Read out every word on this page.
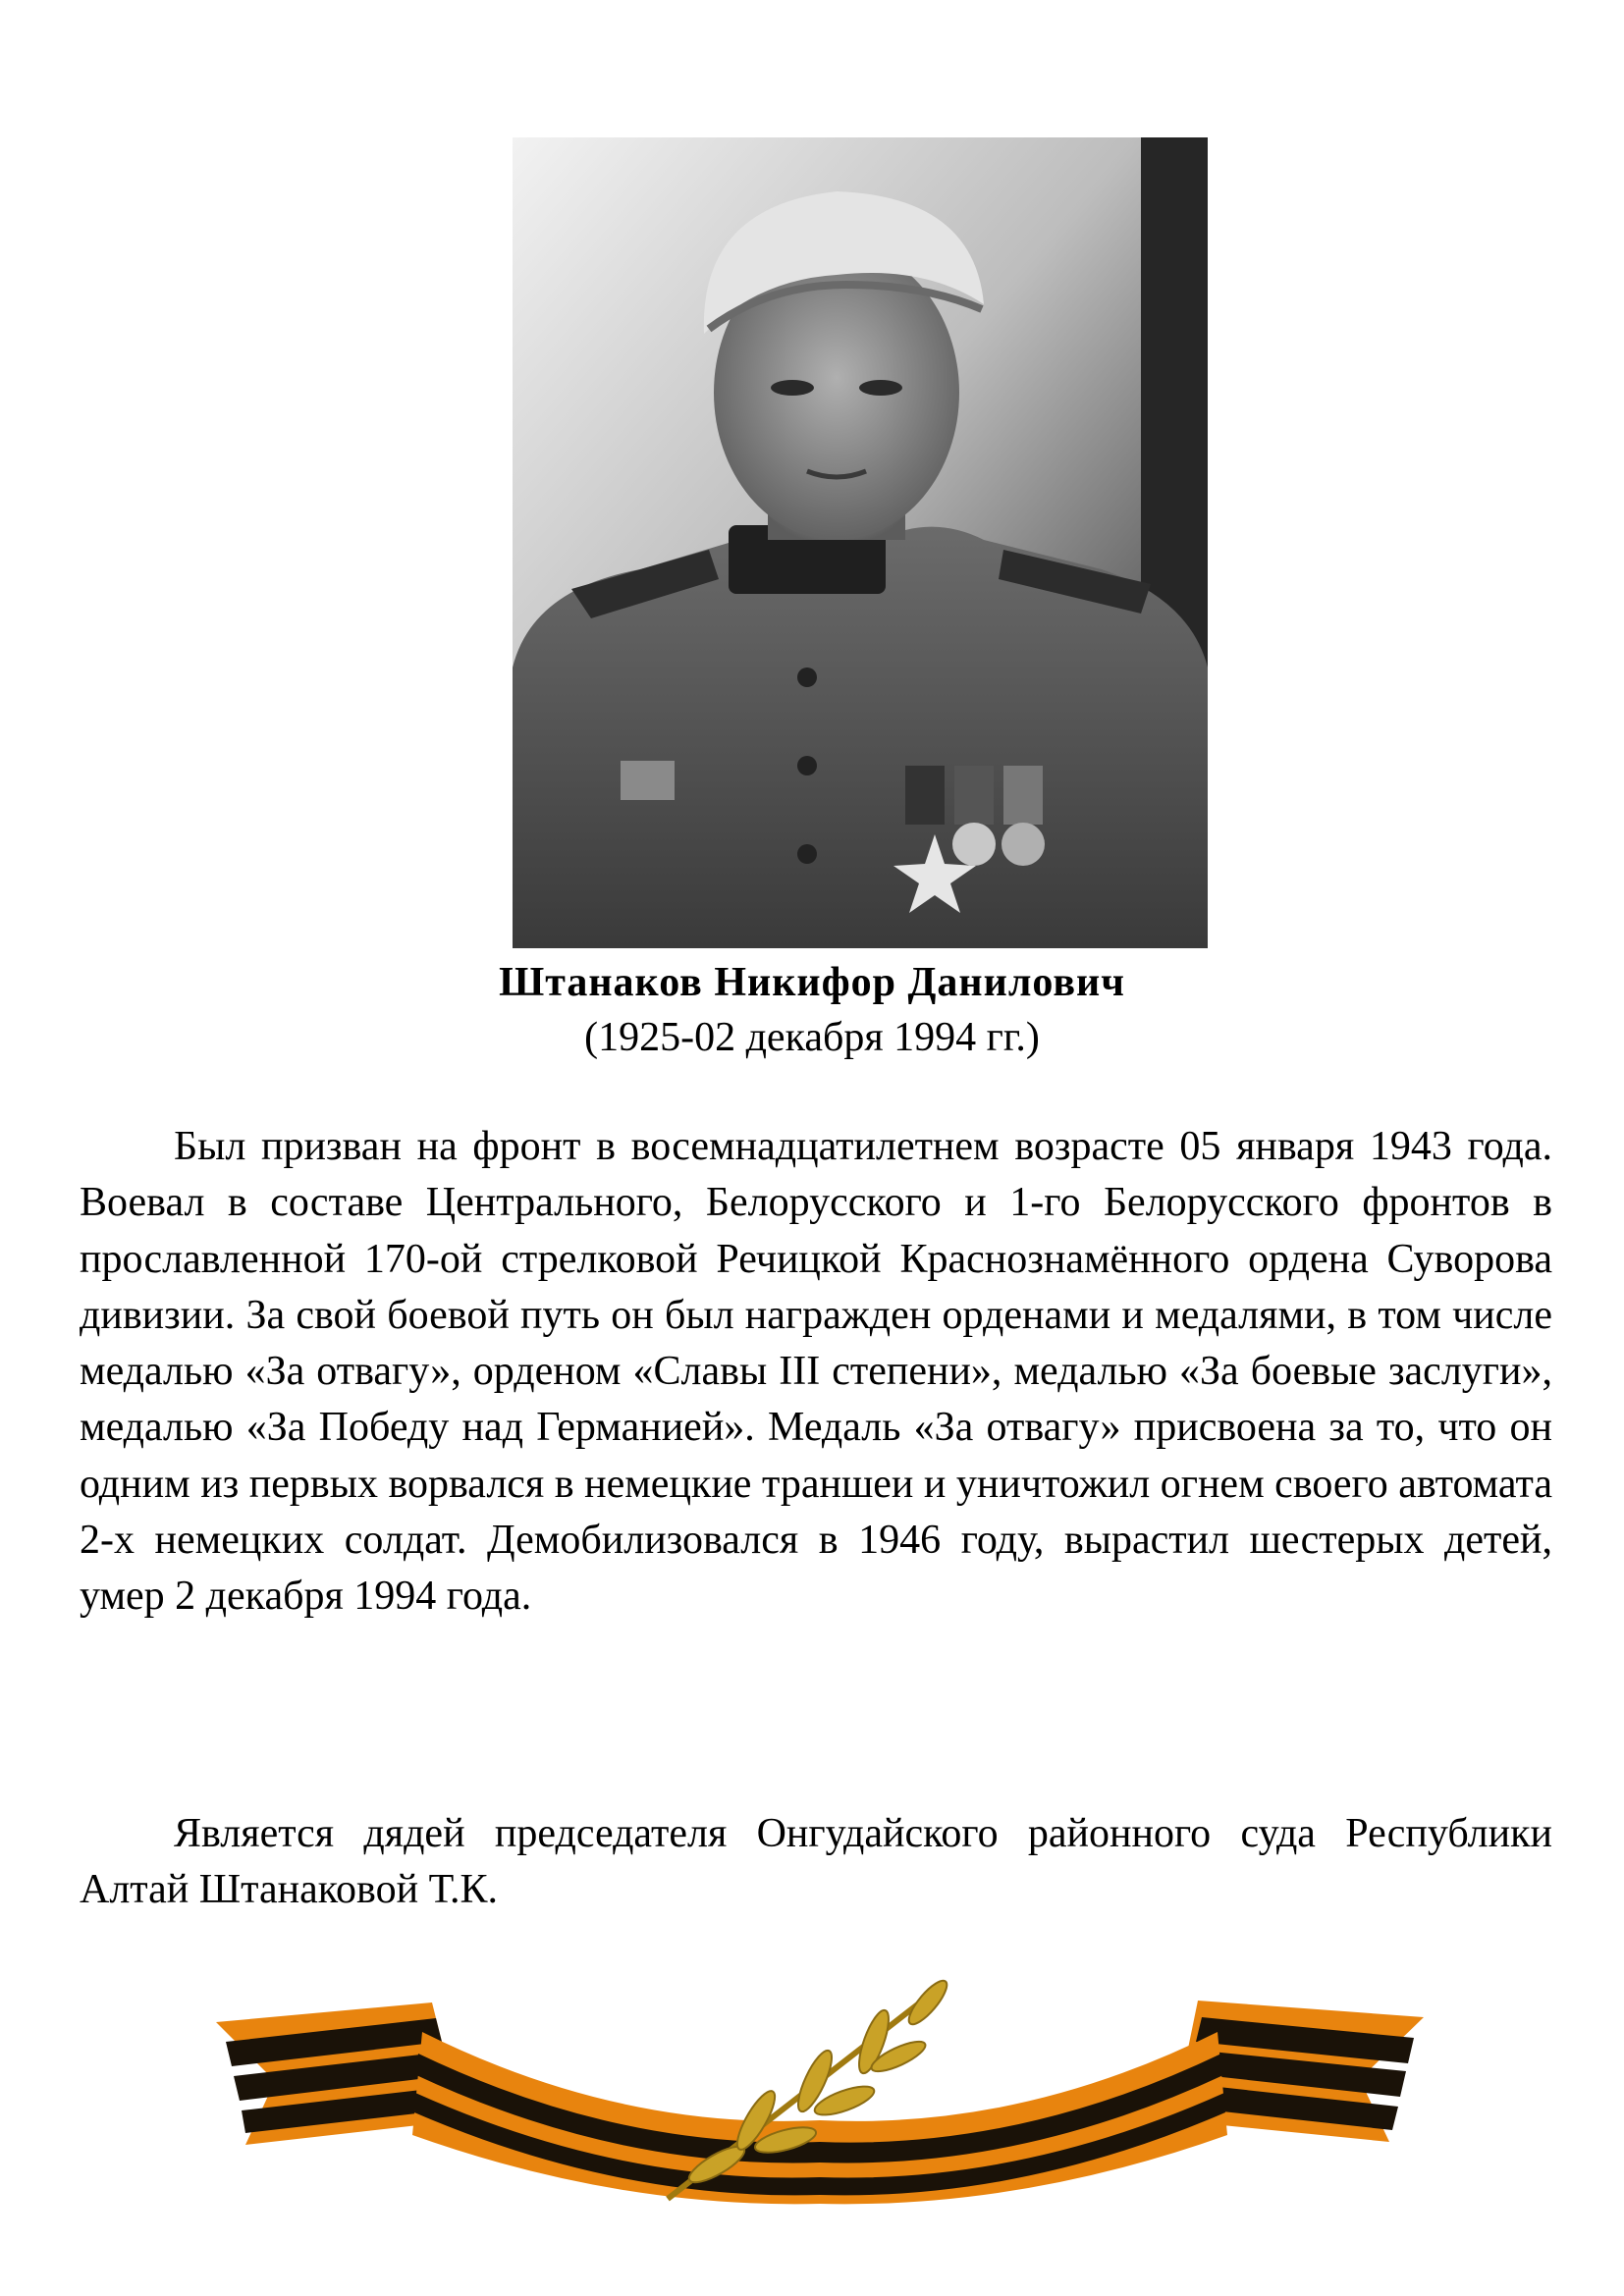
Штанаков Никифор Данилович
(1925-02 декабря 1994 гг.)

Был призван на фронт в восемнадцатилетнем возрасте 05 января 1943 года. Воевал в составе Центрального, Белорусского и 1-го Белорусского фронтов в прославленной 170-ой стрелковой Речицкой Краснознамённого ордена Суворова дивизии. За свой боевой путь он был награжден орденами и медалями, в том числе медалью «За отвагу», орденом «Славы III степени», медалью «За боевые заслуги», медалью «За Победу над Германией». Медаль «За отвагу» присвоена за то, что он одним из первых ворвался в немецкие траншеи и уничтожил огнем своего автомата 2-х немецких солдат. Демобилизовался в 1946 году, вырастил шестерых детей, умер 2 декабря 1994 года.

Является дядей председателя Онгудайского районного суда Республики Алтай Штанаковой Т.К.
